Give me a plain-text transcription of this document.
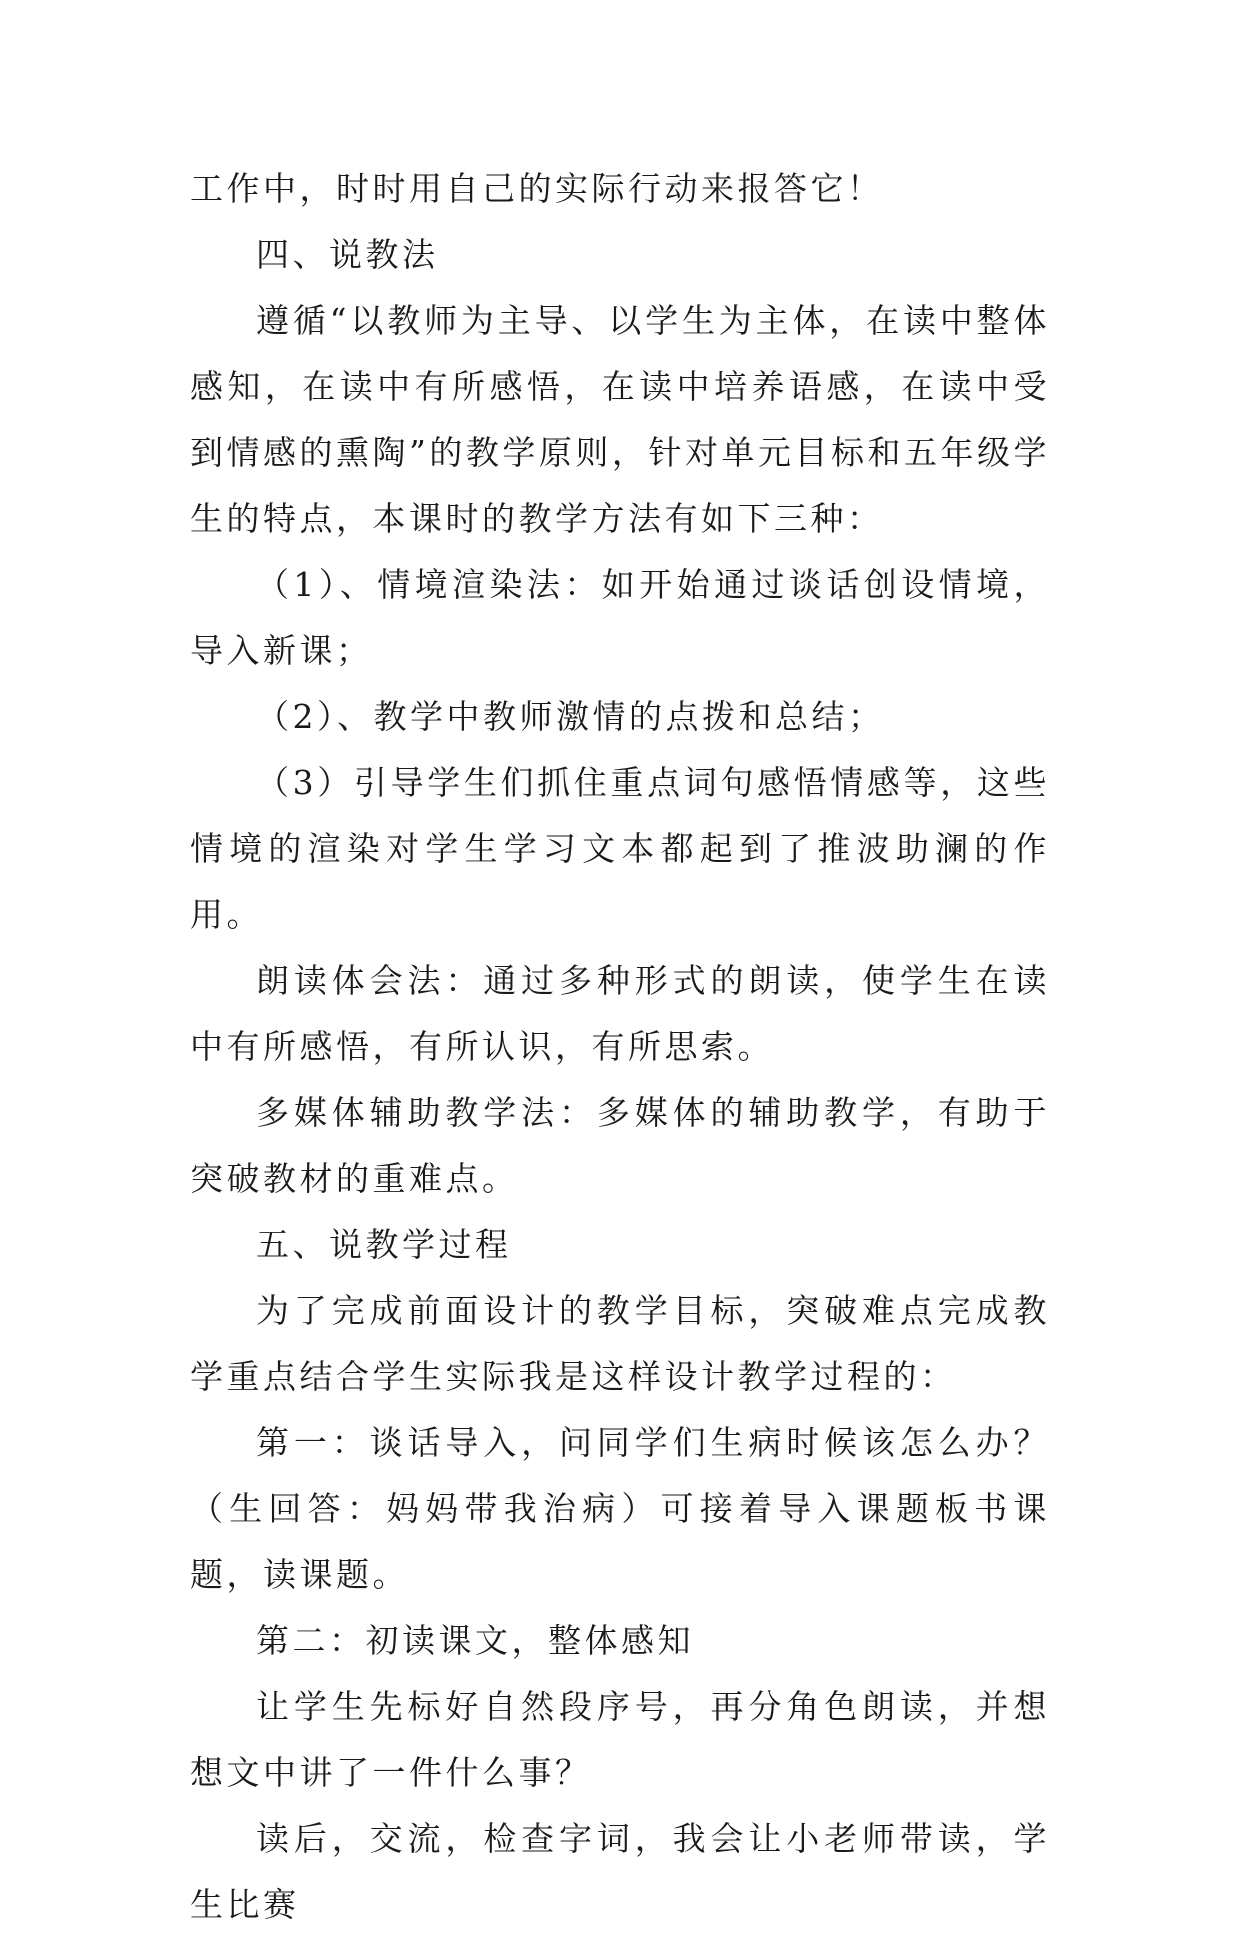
工作中，时时用自己的实际行动来报答它！

四、说教法

遵循“以教师为主导、以学生为主体，在读中整体感知，在读中有所感悟，在读中培养语感，在读中受到情感的熏陶”的教学原则，针对单元目标和五年级学生的特点，本课时的教学方法有如下三种：

（1）、情境渲染法：如开始通过谈话创设情境，导入新课；

（2）、教学中教师激情的点拨和总结；

（3）引导学生们抓住重点词句感悟情感等，这些情境的渲染对学生学习文本都起到了推波助澜的作用。

朗读体会法：通过多种形式的朗读，使学生在读中有所感悟，有所认识，有所思索。

多媒体辅助教学法：多媒体的辅助教学，有助于突破教材的重难点。

五、说教学过程

为了完成前面设计的教学目标，突破难点完成教学重点结合学生实际我是这样设计教学过程的：

第一：谈话导入，问同学们生病时候该怎么办？（生回答：妈妈带我治病）可接着导入课题板书课题，读课题。

第二：初读课文，整体感知

让学生先标好自然段序号，再分角色朗读，并想想文中讲了一件什么事？

读后，交流，检查字词，我会让小老师带读，学生比赛
